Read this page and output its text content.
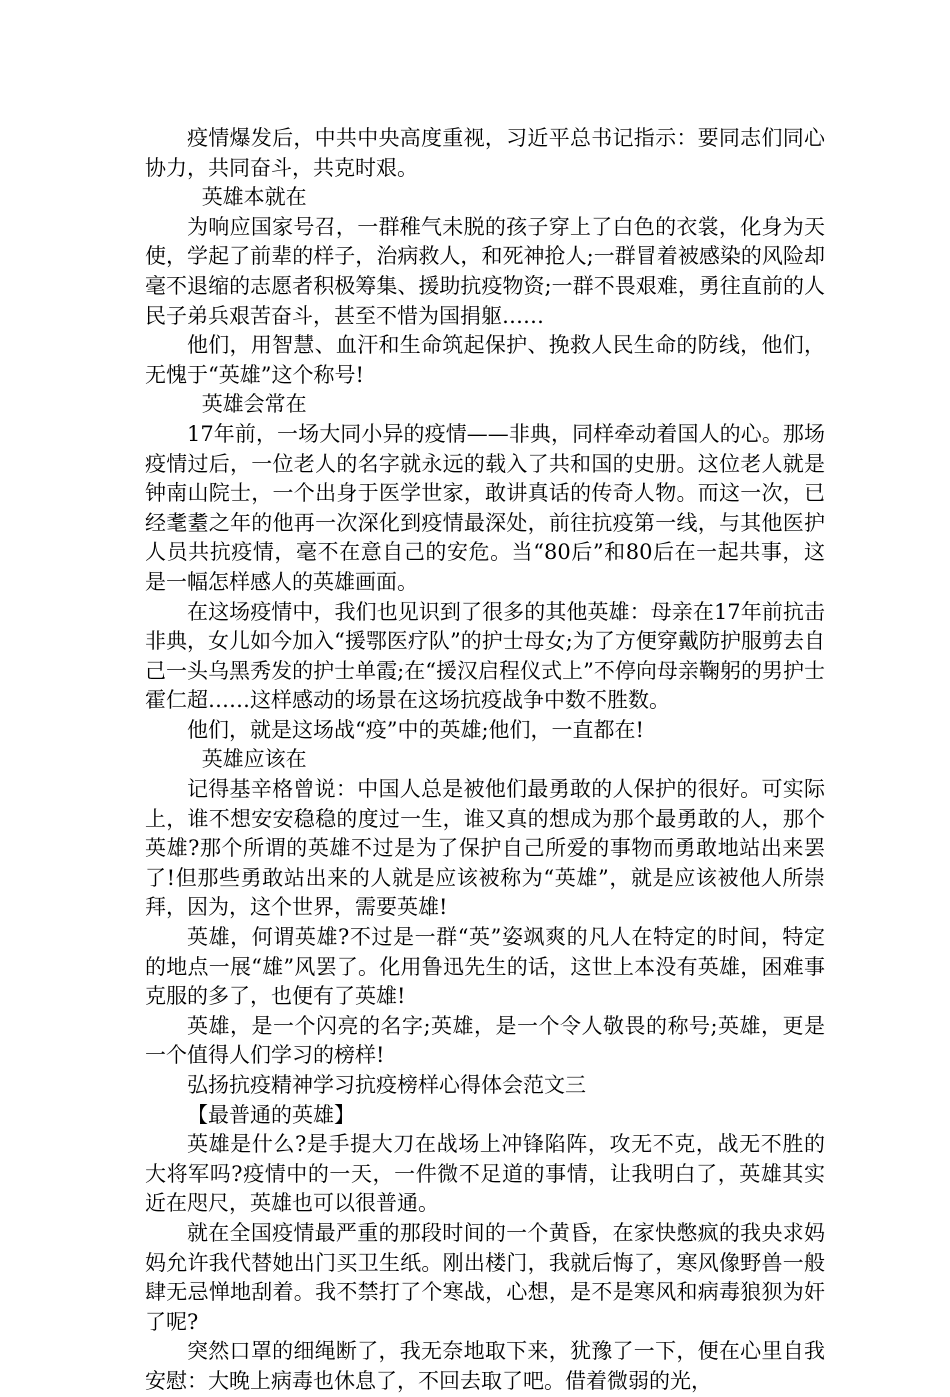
疫情爆发后，中共中央高度重视，习近平总书记指示：要同志们同心协力，共同奋斗，共克时艰。

英雄本就在

为响应国家号召，一群稚气未脱的孩子穿上了白色的衣裳，化身为天使，学起了前辈的样子，治病救人，和死神抢人;一群冒着被感染的风险却毫不退缩的志愿者积极筹集、援助抗疫物资;一群不畏艰难，勇往直前的人民子弟兵艰苦奋斗，甚至不惜为国捐躯……

他们，用智慧、血汗和生命筑起保护、挽救人民生命的防线，他们，无愧于“英雄”这个称号!

英雄会常在

17年前，一场大同小异的疫情——非典，同样牵动着国人的心。那场疫情过后，一位老人的名字就永远的载入了共和国的史册。这位老人就是钟南山院士，一个出身于医学世家，敢讲真话的传奇人物。而这一次，已经耄耋之年的他再一次深化到疫情最深处，前往抗疫第一线，与其他医护人员共抗疫情，毫不在意自己的安危。当“80后”和80后在一起共事，这是一幅怎样感人的英雄画面。

在这场疫情中，我们也见识到了很多的其他英雄：母亲在17年前抗击非典，女儿如今加入“援鄂医疗队”的护士母女;为了方便穿戴防护服剪去自己一头乌黑秀发的护士单霞;在“援汉启程仪式上”不停向母亲鞠躬的男护士霍仁超……这样感动的场景在这场抗疫战争中数不胜数。

他们，就是这场战“疫”中的英雄;他们，一直都在!

英雄应该在

记得基辛格曾说：中国人总是被他们最勇敢的人保护的很好。可实际上，谁不想安安稳稳的度过一生，谁又真的想成为那个最勇敢的人，那个英雄?那个所谓的英雄不过是为了保护自己所爱的事物而勇敢地站出来罢了!但那些勇敢站出来的人就是应该被称为“英雄”，就是应该被他人所崇拜，因为，这个世界，需要英雄!

英雄，何谓英雄?不过是一群“英”姿飒爽的凡人在特定的时间，特定的地点一展“雄”风罢了。化用鲁迅先生的话，这世上本没有英雄，困难事克服的多了，也便有了英雄!

英雄，是一个闪亮的名字;英雄，是一个令人敬畏的称号;英雄，更是一个值得人们学习的榜样!

弘扬抗疫精神学习抗疫榜样心得体会范文三

【最普通的英雄】

英雄是什么?是手提大刀在战场上冲锋陷阵，攻无不克，战无不胜的大将军吗?疫情中的一天，一件微不足道的事情，让我明白了，英雄其实近在咫尺，英雄也可以很普通。

就在全国疫情最严重的那段时间的一个黄昏，在家快憋疯的我央求妈妈允许我代替她出门买卫生纸。刚出楼门，我就后悔了，寒风像野兽一般肆无忌惮地刮着。我不禁打了个寒战，心想，是不是寒风和病毒狼狈为奸了呢?

突然口罩的细绳断了，我无奈地取下来，犹豫了一下，便在心里自我安慰：大晚上病毒也休息了，不回去取了吧。借着微弱的光，
